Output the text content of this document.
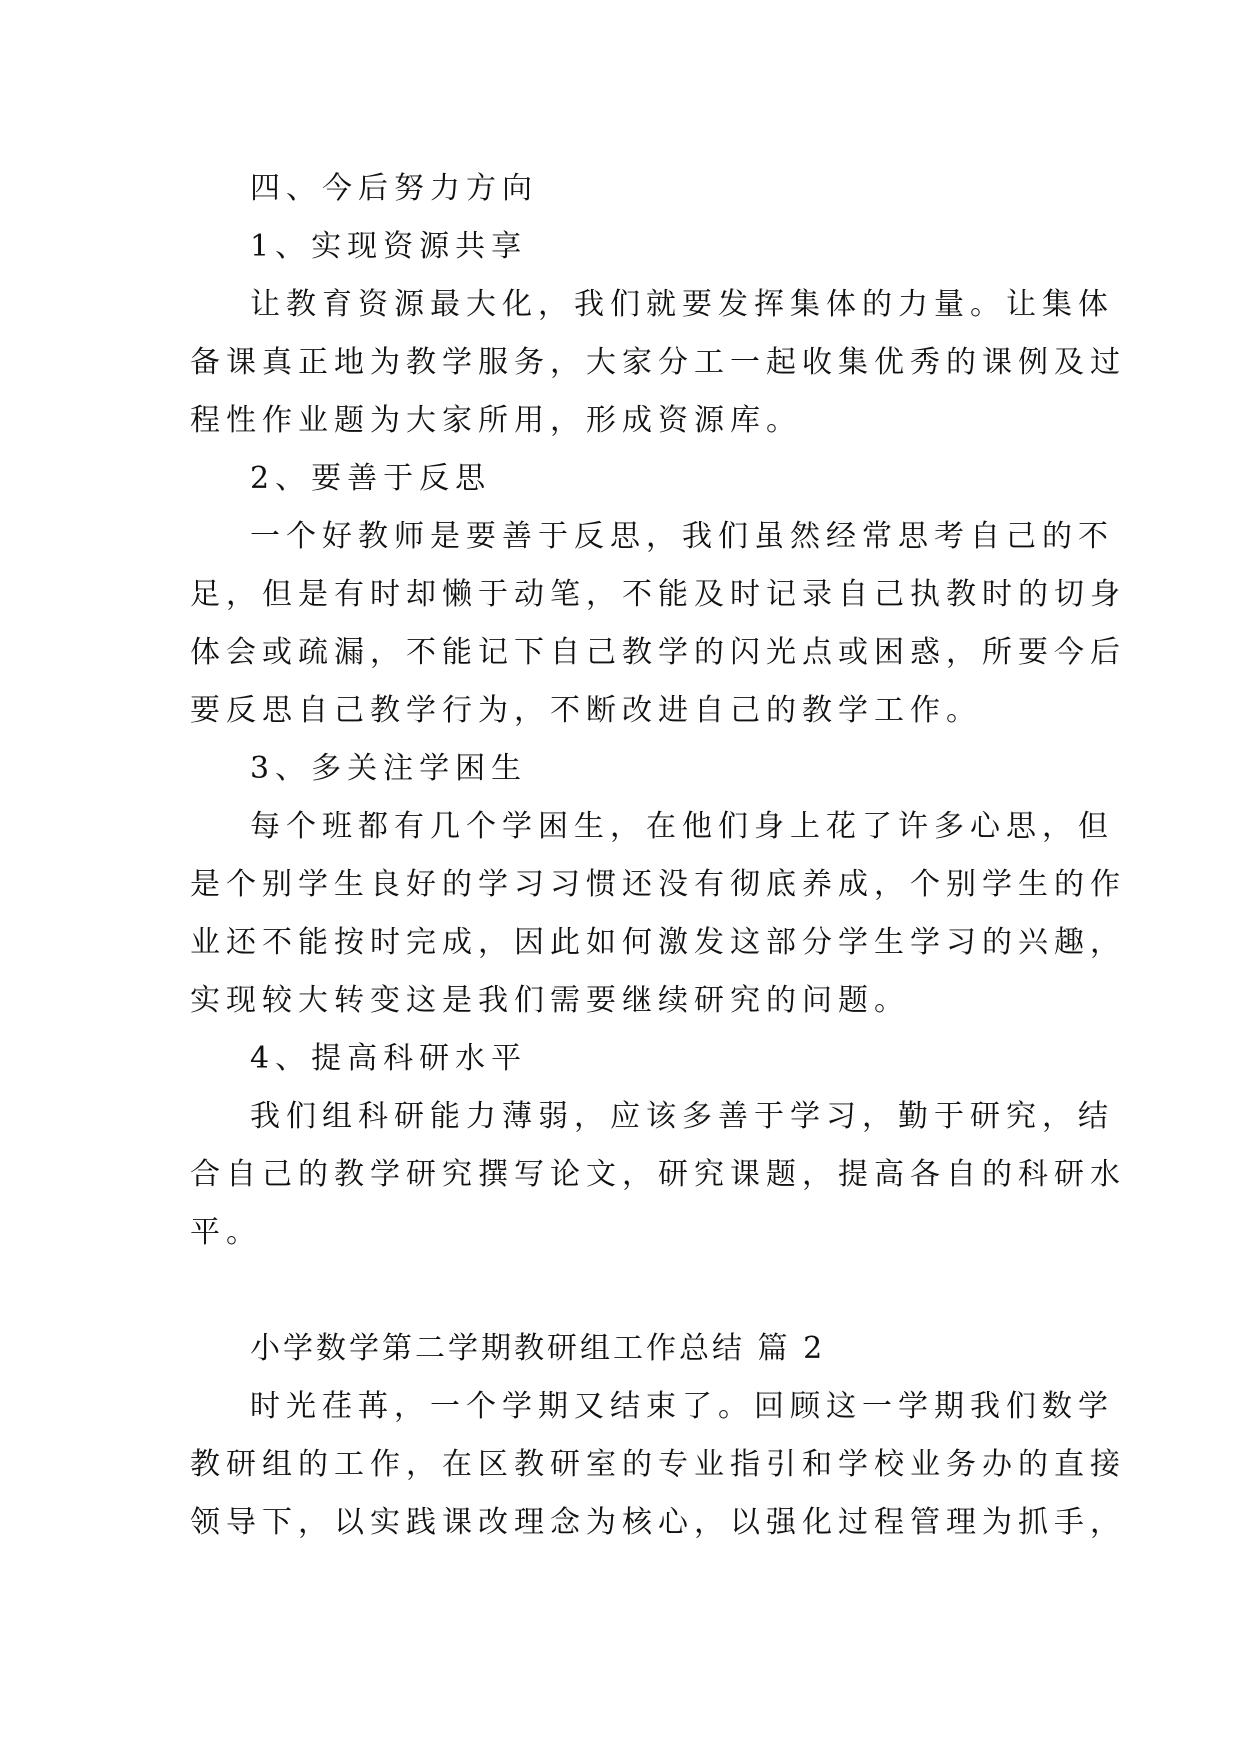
四、今后努力方向

1、实现资源共享

让教育资源最大化，我们就要发挥集体的力量。让集体

备课真正地为教学服务，大家分工一起收集优秀的课例及过

程性作业题为大家所用，形成资源库。

2、要善于反思

一个好教师是要善于反思，我们虽然经常思考自己的不

足，但是有时却懒于动笔，不能及时记录自己执教时的切身

体会或疏漏，不能记下自己教学的闪光点或困惑，所要今后

要反思自己教学行为，不断改进自己的教学工作。

3、多关注学困生

每个班都有几个学困生，在他们身上花了许多心思，但

是个别学生良好的学习习惯还没有彻底养成，个别学生的作

业还不能按时完成，因此如何激发这部分学生学习的兴趣，

实现较大转变这是我们需要继续研究的问题。

4、提高科研水平

我们组科研能力薄弱，应该多善于学习，勤于研究，结

合自己的教学研究撰写论文，研究课题，提高各自的科研水

平。

小学数学第二学期教研组工作总结 篇 2

时光荏苒，一个学期又结束了。回顾这一学期我们数学

教研组的工作，在区教研室的专业指引和学校业务办的直接

领导下，以实践课改理念为核心，以强化过程管理为抓手，
